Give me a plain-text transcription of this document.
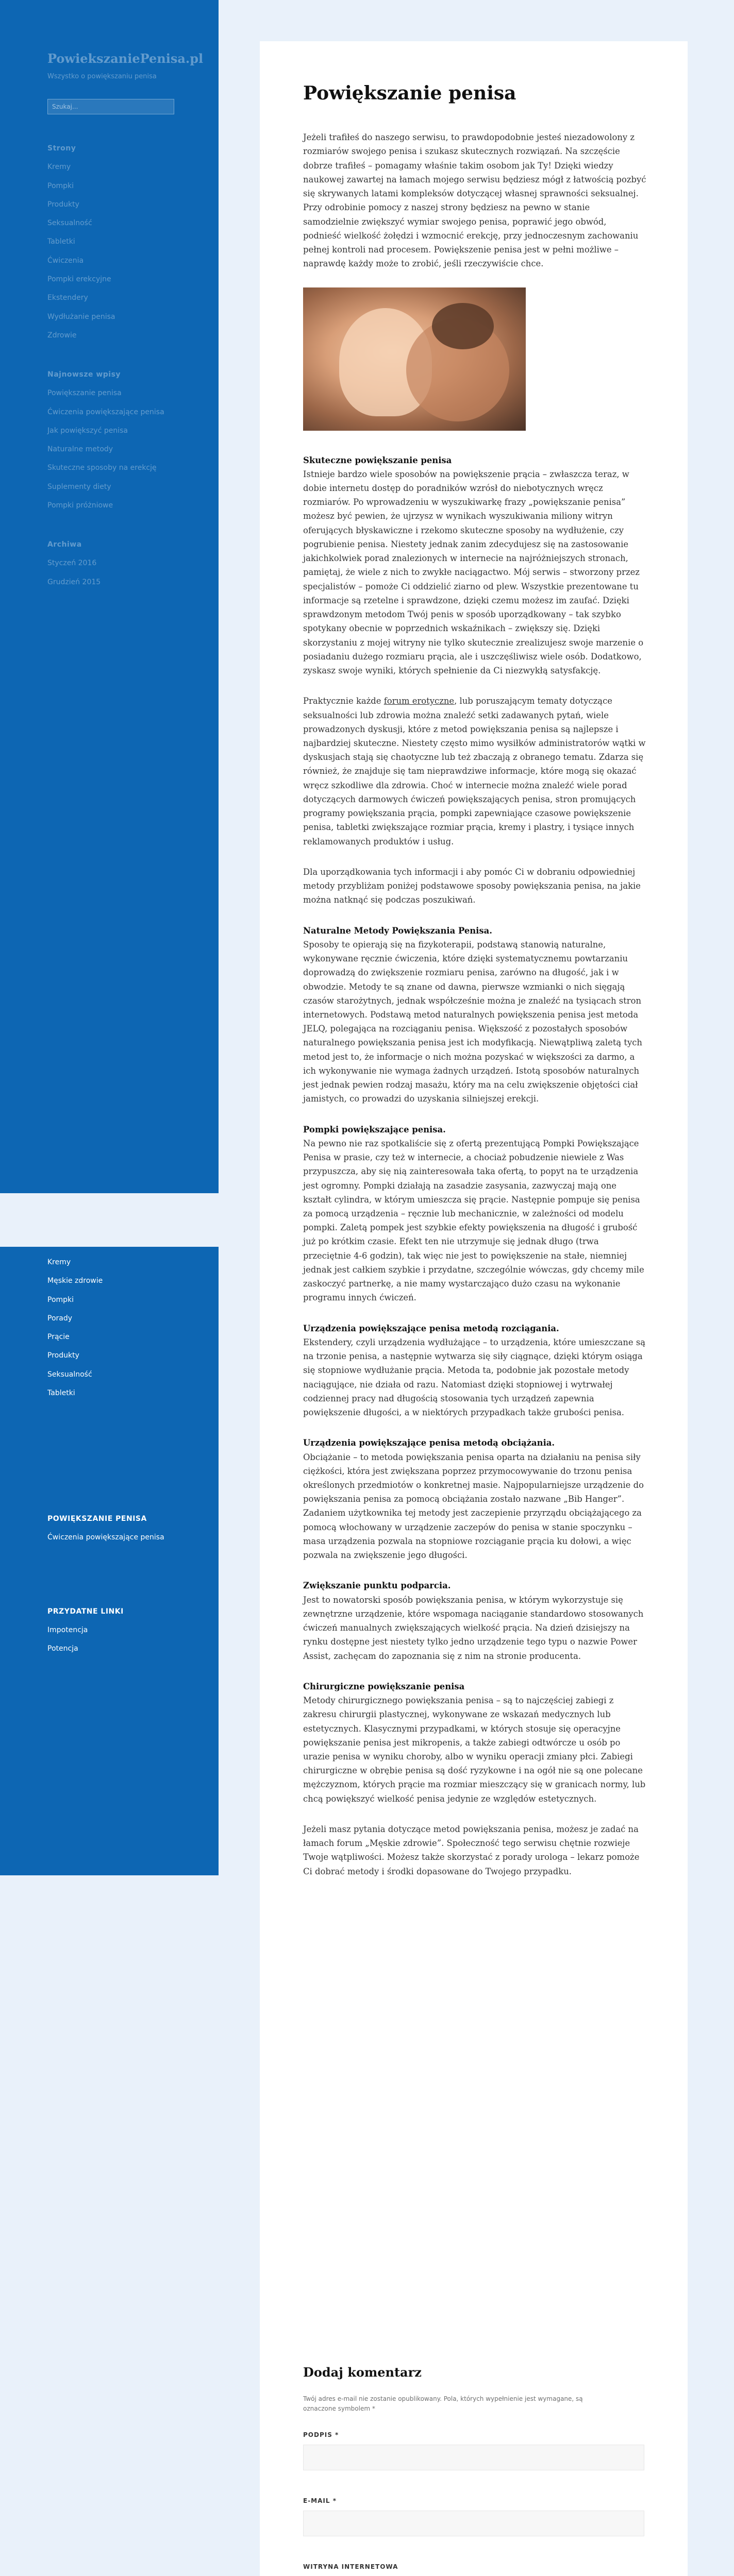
PowiekszaniePenisa.pl
Wszystko o powiększaniu penisa
Szukaj...
Strony
Kremy
Pompki
Produkty
Seksualność
Tabletki
Ćwiczenia
Pompki erekcyjne
Ekstendery
Wydłużanie penisa
Zdrowie
Najnowsze wpisy
Powiększanie penisa
Ćwiczenia powiększające penisa
Jak powiększyć penisa
Naturalne metody
Skuteczne sposoby na erekcję
Suplementy diety
Pompki próżniowe
Archiwa
Styczeń 2016
Grudzień 2015
Kremy
Męskie zdrowie
Pompki
Porady
Prącie
Produkty
Seksualność
Tabletki
POWIĘKSZANIE PENISA
Ćwiczenia powiększające penisa
PRZYDATNE LINKI
Impotencja
Potencja
Powiększanie penisa

Jeżeli trafiłeś do naszego serwisu, to prawdopodobnie jesteś niezadowolony z rozmiarów swojego penisa i szukasz skutecznych rozwiązań. Na szczęście dobrze trafiłeś – pomagamy właśnie takim osobom jak Ty! Dzięki wiedzy naukowej zawartej na łamach mojego serwisu będziesz mógł z łatwością pozbyć się skrywanych latami kompleksów dotyczącej własnej sprawności seksualnej. Przy odrobinie pomocy z naszej strony będziesz na pewno w stanie samodzielnie zwiększyć wymiar swojego penisa, poprawić jego obwód, podnieść wielkość żołędzi i wzmocnić erekcję, przy jednoczesnym zachowaniu pełnej kontroli nad procesem. Powiększenie penisa jest w pełni możliwe – naprawdę każdy może to zrobić, jeśli rzeczywiście chce.

Skuteczne powiększanie penisa

Istnieje bardzo wiele sposobów na powiększenie prącia – zwłaszcza teraz, w dobie internetu dostęp do poradników wzrósł do niebotycznych wręcz rozmiarów. Po wprowadzeniu w wyszukiwarkę frazy „powiększanie penisa” możesz być pewien, że ujrzysz w wynikach wyszukiwania miliony witryn oferujących błyskawiczne i rzekomo skuteczne sposoby na wydłużenie, czy pogrubienie penisa. Niestety jednak zanim zdecydujesz się na zastosowanie jakichkolwiek porad znalezionych w internecie na najróżniejszych stronach, pamiętaj, że wiele z nich to zwykłe naciągactwo. Mój serwis – stworzony przez specjalistów – pomoże Ci oddzielić ziarno od plew. Wszystkie prezentowane tu informacje są rzetelne i sprawdzone, dzięki czemu możesz im zaufać. Dzięki sprawdzonym metodom Twój penis w sposób uporządkowany – tak szybko spotykany obecnie w poprzednich wskaźnikach – zwiększy się. Dzięki skorzystaniu z mojej witryny nie tylko skutecznie zrealizujesz swoje marzenie o posiadaniu dużego rozmiaru prącia, ale i uszczęśliwisz wiele osób. Dodatkowo, zyskasz swoje wyniki, których spełnienie da Ci niezwykłą satysfakcję.

Praktycznie każde forum erotyczne, lub poruszającym tematy dotyczące seksualności lub zdrowia można znaleźć setki zadawanych pytań, wiele prowadzonych dyskusji, które z metod powiększania penisa są najlepsze i najbardziej skuteczne. Niestety często mimo wysiłków administratorów wątki w dyskusjach stają się chaotyczne lub też zbaczają z obranego tematu. Zdarza się również, że znajduje się tam nieprawdziwe informacje, które mogą się okazać wręcz szkodliwe dla zdrowia. Choć w internecie można znaleźć wiele porad dotyczących darmowych ćwiczeń powiększających penisa, stron promujących programy powiększania prącia, pompki zapewniające czasowe powiększenie penisa, tabletki zwiększające rozmiar prącia, kremy i plastry, i tysiące innych reklamowanych produktów i usług.

Dla uporządkowania tych informacji i aby pomóc Ci w dobraniu odpowiedniej metody przybliżam poniżej podstawowe sposoby powiększania penisa, na jakie można natknąć się podczas poszukiwań.

Naturalne Metody Powiększania Penisa.

Sposoby te opierają się na fizykoterapii, podstawą stanowią naturalne, wykonywane ręcznie ćwiczenia, które dzięki systematycznemu powtarzaniu doprowadzą do zwiększenie rozmiaru penisa, zarówno na długość, jak i w obwodzie. Metody te są znane od dawna, pierwsze wzmianki o nich sięgają czasów starożytnych, jednak współcześnie można je znaleźć na tysiącach stron internetowych. Podstawą metod naturalnych powiększenia penisa jest metoda JELQ, polegająca na rozciąganiu penisa. Większość z pozostałych sposobów naturalnego powiększania penisa jest ich modyfikacją. Niewątpliwą zaletą tych metod jest to, że informacje o nich można pozyskać w większości za darmo, a ich wykonywanie nie wymaga żadnych urządzeń. Istotą sposobów naturalnych jest jednak pewien rodzaj masażu, który ma na celu zwiększenie objętości ciał jamistych, co prowadzi do uzyskania silniejszej erekcji.

Pompki powiększające penisa.

Na pewno nie raz spotkaliście się z ofertą prezentującą Pompki Powiększające Penisa w prasie, czy też w internecie, a chociaż pobudzenie niewiele z Was przypuszcza, aby się nią zainteresowała taka ofertą, to popyt na te urządzenia jest ogromny. Pompki działają na zasadzie zasysania, zazwyczaj mają one kształt cylindra, w którym umieszcza się prącie. Następnie pompuje się penisa za pomocą urządzenia – ręcznie lub mechanicznie, w zależności od modelu pompki. Zaletą pompek jest szybkie efekty powiększenia na długość i grubość już po krótkim czasie. Efekt ten nie utrzymuje się jednak długo (trwa przeciętnie 4-6 godzin), tak więc nie jest to powiększenie na stałe, niemniej jednak jest całkiem szybkie i przydatne, szczególnie wówczas, gdy chcemy mile zaskoczyć partnerkę, a nie mamy wystarczająco dużo czasu na wykonanie programu innych ćwiczeń.

Urządzenia powiększające penisa metodą rozciągania.

Ekstendery, czyli urządzenia wydłużające – to urządzenia, które umieszczane są na trzonie penisa, a następnie wytwarza się siły ciągnące, dzięki którym osiąga się stopniowe wydłużanie prącia. Metoda ta, podobnie jak pozostałe metody naciągujące, nie działa od razu. Natomiast dzięki stopniowej i wytrwałej codziennej pracy nad długością stosowania tych urządzeń zapewnia powiększenie długości, a w niektórych przypadkach także grubości penisa.

Urządzenia powiększające penisa metodą obciążania.

Obciążanie – to metoda powiększania penisa oparta na działaniu na penisa siły ciężkości, która jest zwiększana poprzez przymocowywanie do trzonu penisa określonych przedmiotów o konkretnej masie. Najpopularniejsze urządzenie do powiększania penisa za pomocą obciążania zostało nazwane „Bib Hanger”. Zadaniem użytkownika tej metody jest zaczepienie przyrządu obciążającego za pomocą włochowany w urządzenie zaczepów do penisa w stanie spoczynku – masa urządzenia pozwala na stopniowe rozciąganie prącia ku dołowi, a więc pozwala na zwiększenie jego długości.

Zwiększanie punktu podparcia.

Jest to nowatorski sposób powiększania penisa, w którym wykorzystuje się zewnętrzne urządzenie, które wspomaga naciąganie standardowo stosowanych ćwiczeń manualnych zwiększających wielkość prącia. Na dzień dzisiejszy na rynku dostępne jest niestety tylko jedno urządzenie tego typu o nazwie Power Assist, zachęcam do zapoznania się z nim na stronie producenta.

Chirurgiczne powiększanie penisa

Metody chirurgicznego powiększania penisa – są to najczęściej zabiegi z zakresu chirurgii plastycznej, wykonywane ze wskazań medycznych lub estetycznych. Klasycznymi przypadkami, w których stosuje się operacyjne powiększanie penisa jest mikropenis, a także zabiegi odtwórcze u osób po urazie penisa w wyniku choroby, albo w wyniku operacji zmiany płci. Zabiegi chirurgiczne w obrębie penisa są dość ryzykowne i na ogół nie są one polecane mężczyznom, których prącie ma rozmiar mieszczący się w granicach normy, lub chcą powiększyć wielkość penisa jedynie ze względów estetycznych.

Jeżeli masz pytania dotyczące metod powiększania penisa, możesz je zadać na łamach forum „Męskie zdrowie”. Społeczność tego serwisu chętnie rozwieje Twoje wątpliwości. Możesz także skorzystać z porady urologa – lekarz pomoże Ci dobrać metody i środki dopasowane do Twojego przypadku.

Dodaj komentarz

Twój adres e-mail nie zostanie opublikowany. Pola, których wypełnienie jest wymagane, są oznaczone symbolem *

PODPIS *
E-MAIL *
WITRYNA INTERNETOWA
